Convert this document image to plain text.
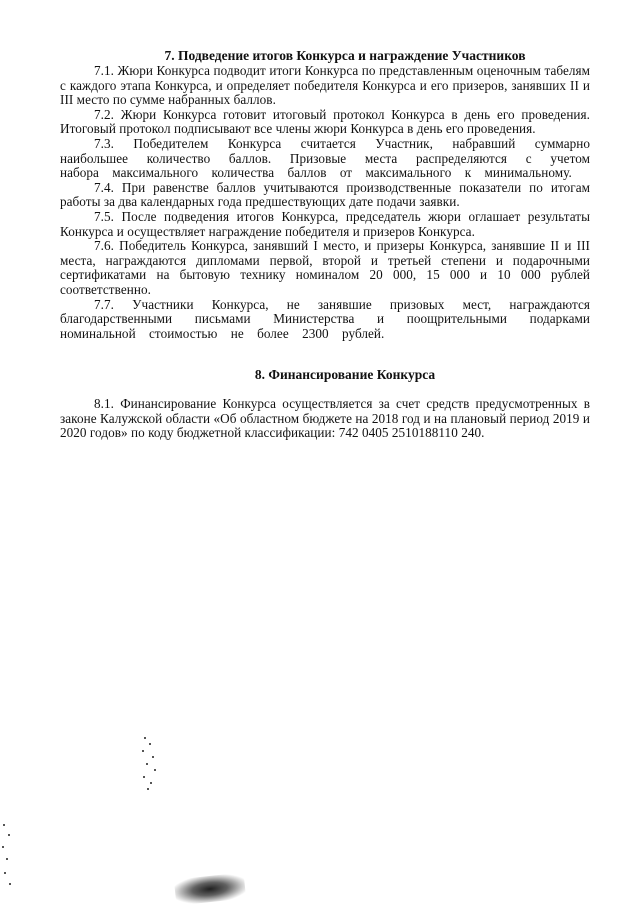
7. Подведение итогов Конкурса и награждение Участников

7.1. Жюри Конкурса подводит итоги Конкурса по представленным оценочным табелям с каждого этапа Конкурса, и определяет победителя Конкурса и его призеров, занявших II и III место по сумме набранных баллов.

7.2. Жюри Конкурса готовит итоговый протокол Конкурса в день его проведения. Итоговый протокол подписывают все члены жюри Конкурса в день его проведения.

7.3. Победителем Конкурса считается Участник, набравший суммарно наибольшее количество баллов. Призовые места распределяются с учетом набора максимального количества баллов от максимального к минимальному.

7.4. При равенстве баллов учитываются производственные показатели по итогам работы за два календарных года предшествующих дате подачи заявки.

7.5. После подведения итогов Конкурса, председатель жюри оглашает результаты Конкурса и осуществляет награждение победителя и призеров Конкурса.

7.6. Победитель Конкурса, занявший I место, и призеры Конкурса, занявшие II и III места, награждаются дипломами первой, второй и третьей степени и подарочными сертификатами на бытовую технику номиналом 20 000, 15 000 и 10 000 рублей соответственно.

7.7. Участники Конкурса, не занявшие призовых мест, награждаются благодарственными письмами Министерства и поощрительными подарками номинальной стоимостью не более 2300 рублей.

8. Финансирование Конкурса

8.1. Финансирование Конкурса осуществляется за счет средств предусмотренных в законе Калужской области «Об областном бюджете на 2018 год и на плановый период 2019 и 2020 годов» по коду бюджетной классификации: 742 0405 2510188110 240.
